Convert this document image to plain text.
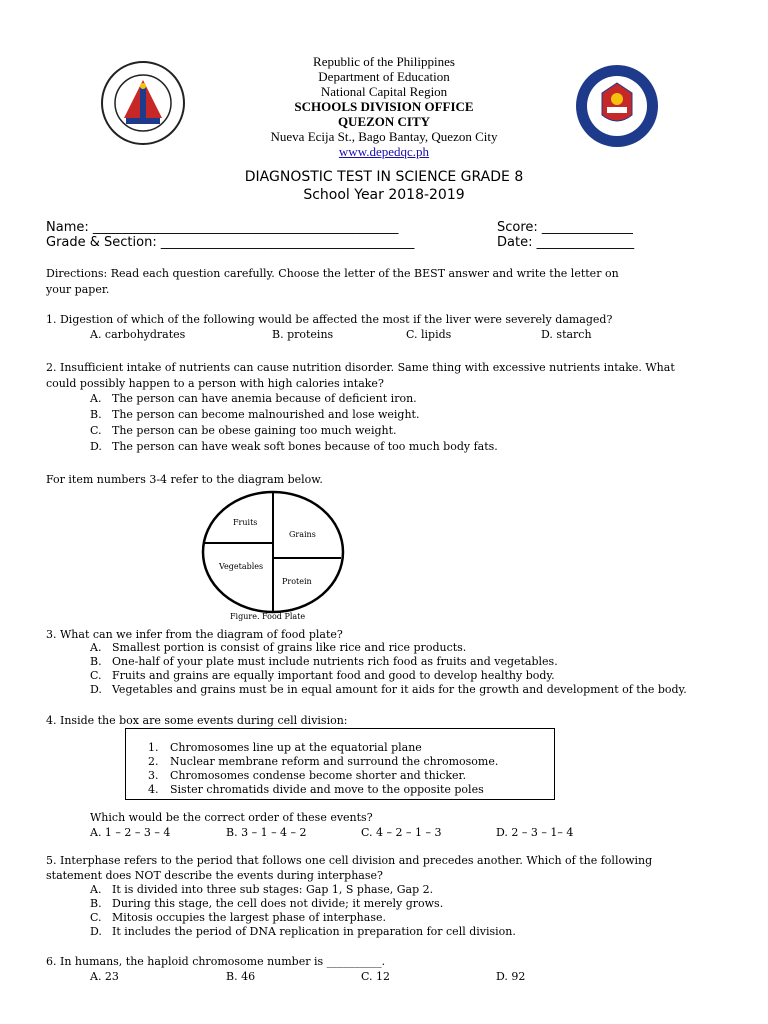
Republic of the Philippines
Department of Education
National Capital Region
SCHOOLS DIVISION OFFICE
QUEZON CITY
Nueva Ecija St., Bago Bantay, Quezon City
www.depedqc.ph
DIAGNOSTIC TEST IN SCIENCE GRADE 8
School Year 2018-2019
Name: _______________________________________________	Score: ______________
Grade & Section: _______________________________________	Date: _______________
Directions: Read each question carefully. Choose the letter of the BEST answer and write the letter on
your paper.
1. Digestion of which of the following would be affected the most if the liver were severely damaged?
A. carbohydrates	B. proteins	C. lipids	D. starch
2. Insufficient intake of nutrients can cause nutrition disorder. Same thing with excessive nutrients intake. What
could possibly happen to a person with high calories intake?
A. The person can have anemia because of deficient iron.
B. The person can become malnourished and lose weight.
C. The person can be obese gaining too much weight.
D. The person can have weak soft bones because of too much body fats.
For item numbers 3-4 refer to the diagram below.
Fruits
Grains
Vegetables
Protein
Figure. Food Plate
3. What can we infer from the diagram of food plate?
A. Smallest portion is consist of grains like rice and rice products.
B. One-half of your plate must include nutrients rich food as fruits and vegetables.
C. Fruits and grains are equally important food and good to develop healthy body.
D. Vegetables and grains must be in equal amount for it aids for the growth and development of the body.
4. Inside the box are some events during cell division:
1. Chromosomes line up at the equatorial plane
2. Nuclear membrane reform and surround the chromosome.
3. Chromosomes condense become shorter and thicker.
4. Sister chromatids divide and move to the opposite poles
Which would be the correct order of these events?
A. 1 – 2 – 3 – 4	B. 3 – 1 – 4 – 2	C. 4 – 2 – 1 – 3	D. 2 – 3 – 1– 4
5. Interphase refers to the period that follows one cell division and precedes another. Which of the following
statement does NOT describe the events during interphase?
A. It is divided into three sub stages: Gap 1, S phase, Gap 2.
B. During this stage, the cell does not divide; it merely grows.
C. Mitosis occupies the largest phase of interphase.
D. It includes the period of DNA replication in preparation for cell division.
6. In humans, the haploid chromosome number is __________.
A. 23	B. 46	C. 12	D. 92
